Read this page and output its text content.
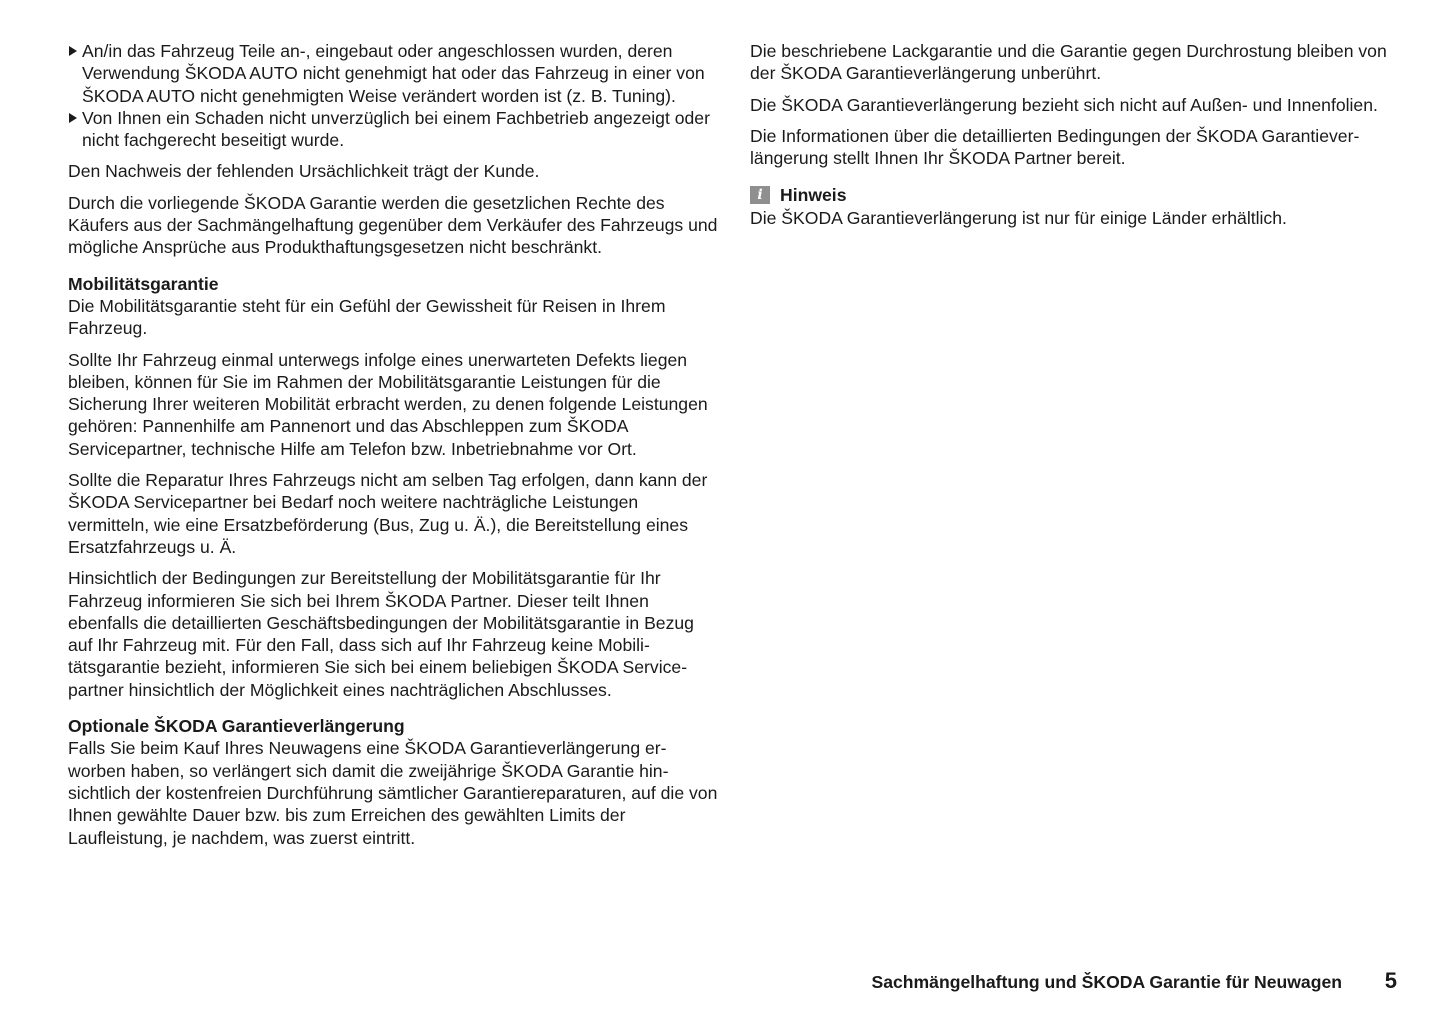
An/in das Fahrzeug Teile an-, eingebaut oder angeschlossen wurden, deren Verwendung ŠKODA AUTO nicht genehmigt hat oder das Fahrzeug in einer von ŠKODA AUTO nicht genehmigten Weise verändert worden ist (z. B. Tuning).
Von Ihnen ein Schaden nicht unverzüglich bei einem Fachbetrieb angezeigt oder nicht fachgerecht beseitigt wurde.

Den Nachweis der fehlenden Ursächlichkeit trägt der Kunde.

Durch die vorliegende ŠKODA Garantie werden die gesetzlichen Rechte des Käufers aus der Sachmängelhaftung gegenüber dem Verkäufer des Fahrzeugs und mögliche Ansprüche aus Produkthaftungsgesetzen nicht beschränkt.

Mobilitätsgarantie

Die Mobilitätsgarantie steht für ein Gefühl der Gewissheit für Reisen in Ihrem Fahrzeug.

Sollte Ihr Fahrzeug einmal unterwegs infolge eines unerwarteten Defekts liegen bleiben, können für Sie im Rahmen der Mobilitätsgarantie Leistungen für die Sicherung Ihrer weiteren Mobilität erbracht werden, zu denen folgende Leistungen gehören: Pannenhilfe am Pannenort und das Abschleppen zum ŠKODA Servicepartner, technische Hilfe am Telefon bzw. Inbetriebnahme vor Ort.

Sollte die Reparatur Ihres Fahrzeugs nicht am selben Tag erfolgen, dann kann der ŠKODA Servicepartner bei Bedarf noch weitere nachträgliche Leistungen vermitteln, wie eine Ersatzbeförderung (Bus, Zug u. Ä.), die Bereitstellung eines Ersatzfahrzeugs u. Ä.

Hinsichtlich der Bedingungen zur Bereitstellung der Mobilitätsgarantie für Ihr Fahrzeug informieren Sie sich bei Ihrem ŠKODA Partner. Dieser teilt Ihnen ebenfalls die detaillierten Geschäftsbedingungen der Mobilitätsgarantie in Bezug auf Ihr Fahrzeug mit. Für den Fall, dass sich auf Ihr Fahrzeug keine Mobilitätsgarantie bezieht, informieren Sie sich bei einem beliebigen ŠKODA Servicepartner hinsichtlich der Möglichkeit eines nachträglichen Abschlusses.

Optionale ŠKODA Garantieverlängerung

Falls Sie beim Kauf Ihres Neuwagens eine ŠKODA Garantieverlängerung erworben haben, so verlängert sich damit die zweijährige ŠKODA Garantie hinsichtlich der kostenfreien Durchführung sämtlicher Garantiereparaturen, auf die von Ihnen gewählte Dauer bzw. bis zum Erreichen des gewählten Limits der Laufleistung, je nachdem, was zuerst eintritt.

Die beschriebene Lackgarantie und die Garantie gegen Durchrostung bleiben von der ŠKODA Garantieverlängerung unberührt.

Die ŠKODA Garantieverlängerung bezieht sich nicht auf Außen- und Innenfolien.

Die Informationen über die detaillierten Bedingungen der ŠKODA Garantieverlängerung stellt Ihnen Ihr ŠKODA Partner bereit.

i Hinweis

Die ŠKODA Garantieverlängerung ist nur für einige Länder erhältlich.

Sachmängelhaftung und ŠKODA Garantie für Neuwagen 5
